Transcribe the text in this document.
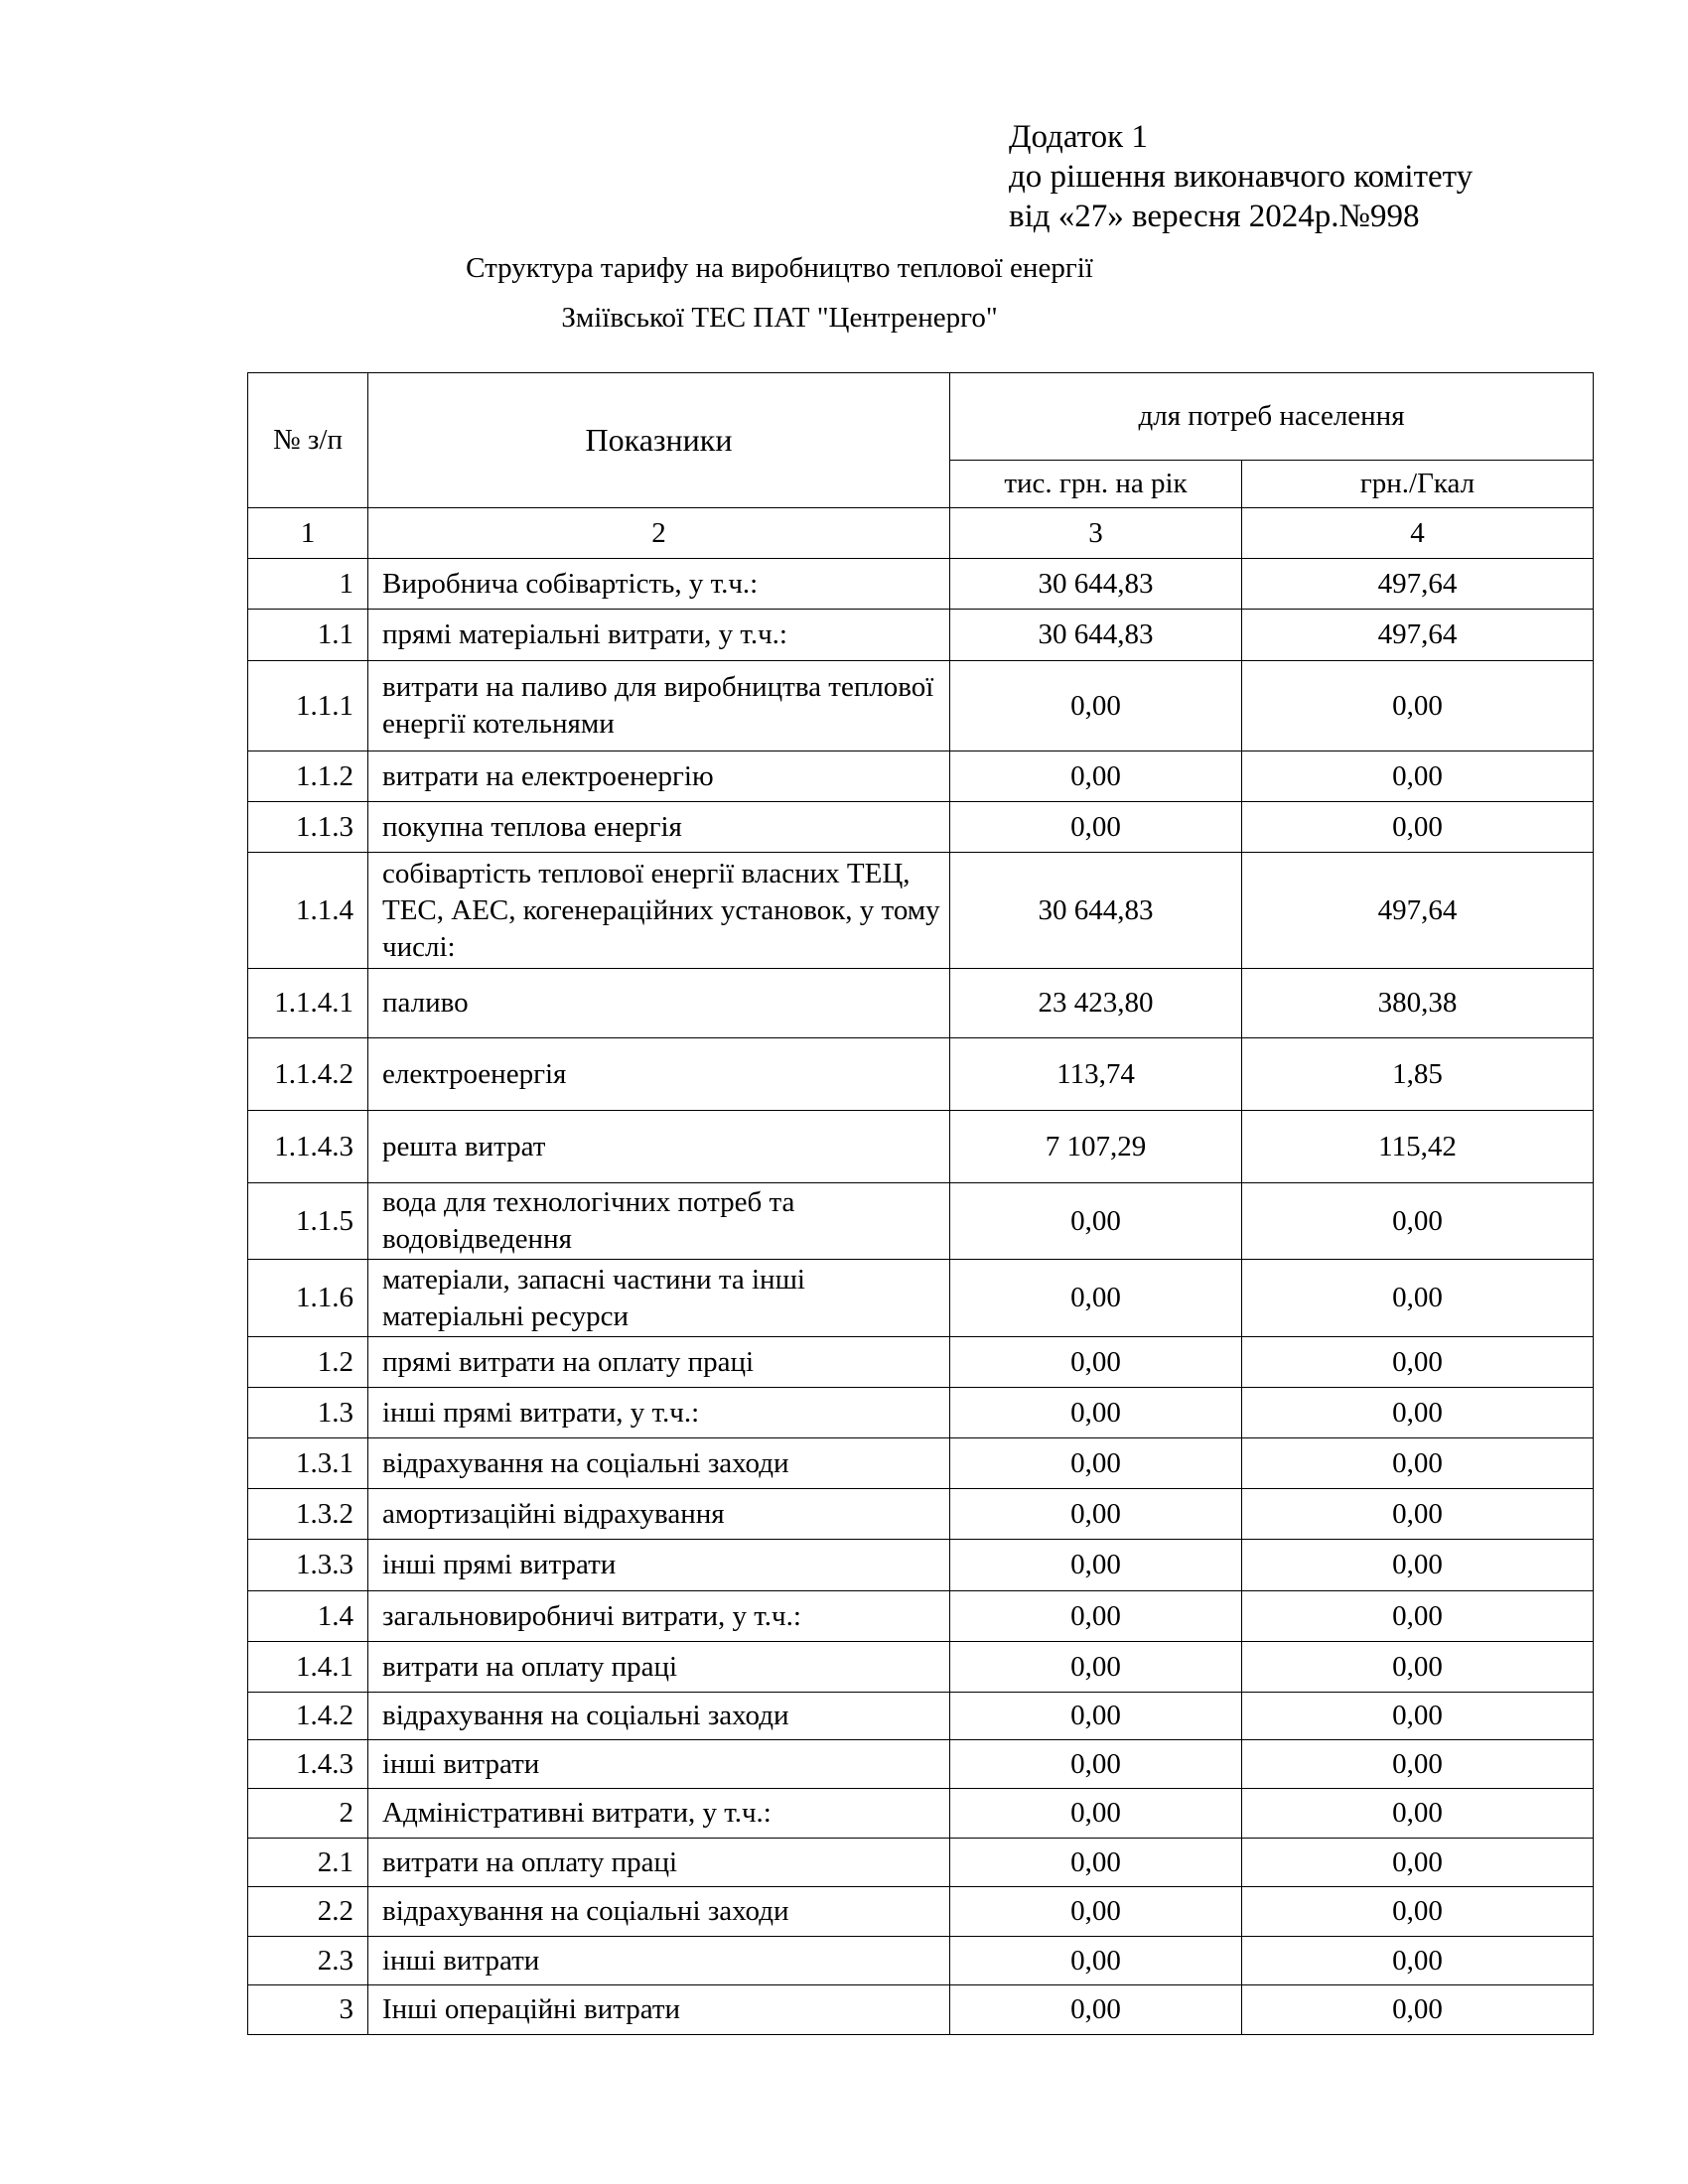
Додаток 1
до рішення виконавчого комітету
від «27» вересня 2024р.№998
Структура тарифу на виробництво теплової енергії
Зміївської ТЕС ПАТ "Центренерго"
№ з/п	Показники	для потреб населення	
		тис. грн. на рік	грн./Гкал
1	2	3	4
1	Виробнича собівартість, у т.ч.:	30 644,83	497,64
1.1	прямі матеріальні витрати, у т.ч.:	30 644,83	497,64
1.1.1	витрати на паливо для виробництва теплової енергії котельнями	0,00	0,00
1.1.2	витрати на електроенергію	0,00	0,00
1.1.3	покупна теплова енергія	0,00	0,00
1.1.4	собівартість теплової енергії власних ТЕЦ, ТЕС, АЕС, когенераційних установок, у тому числі:	30 644,83	497,64
1.1.4.1	паливо	23 423,80	380,38
1.1.4.2	електроенергія	113,74	1,85
1.1.4.3	решта витрат	7 107,29	115,42
1.1.5	вода для технологічних потреб та водовідведення	0,00	0,00
1.1.6	матеріали, запасні частини та інші матеріальні ресурси	0,00	0,00
1.2	прямі витрати на оплату праці	0,00	0,00
1.3	інші прямі витрати, у т.ч.:	0,00	0,00
1.3.1	відрахування на соціальні заходи	0,00	0,00
1.3.2	амортизаційні відрахування	0,00	0,00
1.3.3	інші прямі витрати	0,00	0,00
1.4	загальновиробничі витрати, у т.ч.:	0,00	0,00
1.4.1	витрати на оплату праці	0,00	0,00
1.4.2	відрахування на соціальні заходи	0,00	0,00
1.4.3	інші витрати	0,00	0,00
2	Адміністративні витрати, у т.ч.:	0,00	0,00
2.1	витрати на оплату праці	0,00	0,00
2.2	відрахування на соціальні заходи	0,00	0,00
2.3	інші витрати	0,00	0,00
3	Інші операційні витрати	0,00	0,00
